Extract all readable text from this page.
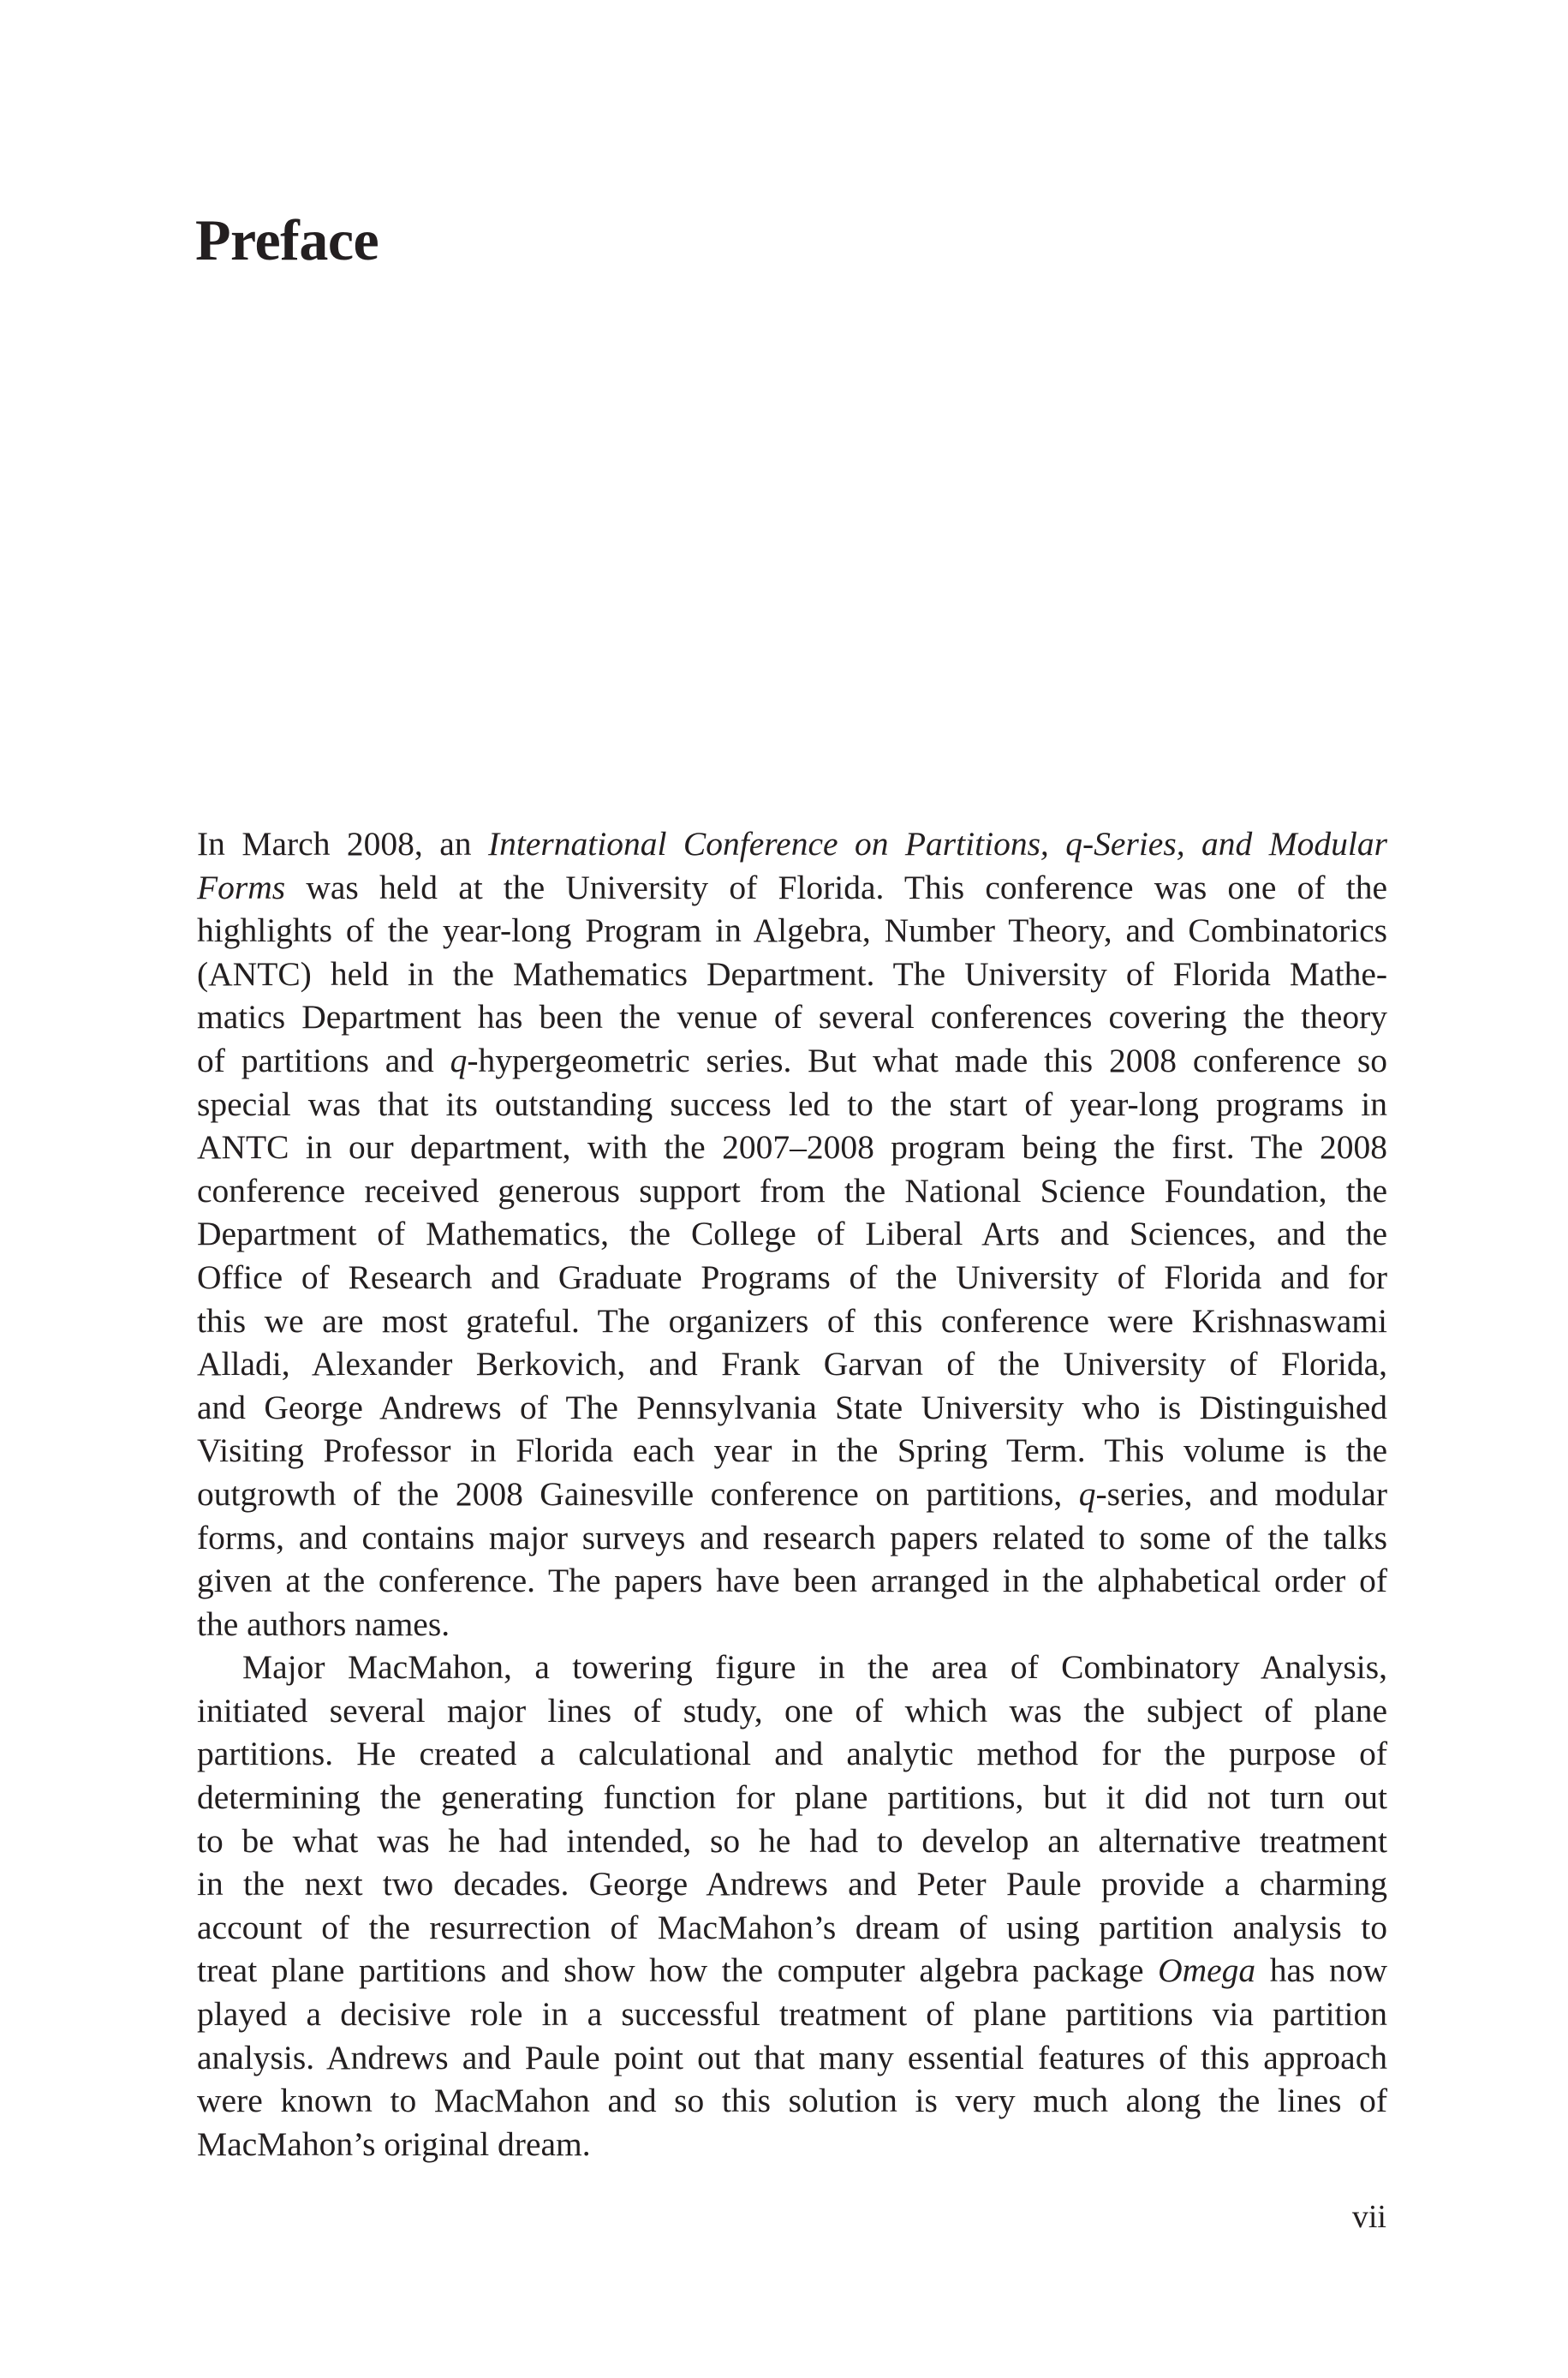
Preface
In March 2008, an International Conference on Partitions, q-Series, and Modular
Forms was held at the University of Florida. This conference was one of the
highlights of the year-long Program in Algebra, Number Theory, and Combinatorics
(ANTC) held in the Mathematics Department. The University of Florida Mathe-
matics Department has been the venue of several conferences covering the theory
of partitions and q-hypergeometric series. But what made this 2008 conference so
special was that its outstanding success led to the start of year-long programs in
ANTC in our department, with the 2007–2008 program being the first. The 2008
conference received generous support from the National Science Foundation, the
Department of Mathematics, the College of Liberal Arts and Sciences, and the
Office of Research and Graduate Programs of the University of Florida and for
this we are most grateful. The organizers of this conference were Krishnaswami
Alladi, Alexander Berkovich, and Frank Garvan of the University of Florida,
and George Andrews of The Pennsylvania State University who is Distinguished
Visiting Professor in Florida each year in the Spring Term. This volume is the
outgrowth of the 2008 Gainesville conference on partitions, q-series, and modular
forms, and contains major surveys and research papers related to some of the talks
given at the conference. The papers have been arranged in the alphabetical order of
the authors names.
Major MacMahon, a towering figure in the area of Combinatory Analysis,
initiated several major lines of study, one of which was the subject of plane
partitions. He created a calculational and analytic method for the purpose of
determining the generating function for plane partitions, but it did not turn out
to be what was he had intended, so he had to develop an alternative treatment
in the next two decades. George Andrews and Peter Paule provide a charming
account of the resurrection of MacMahon’s dream of using partition analysis to
treat plane partitions and show how the computer algebra package Omega has now
played a decisive role in a successful treatment of plane partitions via partition
analysis. Andrews and Paule point out that many essential features of this approach
were known to MacMahon and so this solution is very much along the lines of
MacMahon’s original dream.
vii
